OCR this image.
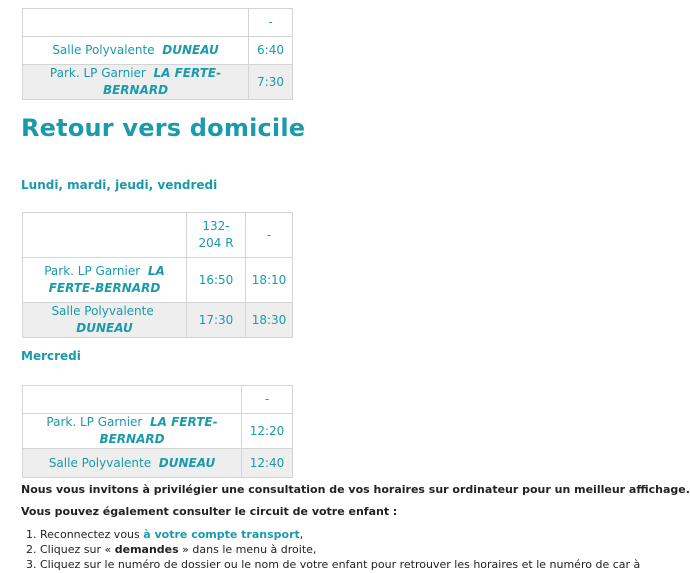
	-
Salle Polyvalente DUNEAU	6:40
Park. LP Garnier LA FERTE-BERNARD	7:30
Retour vers domicile

Lundi, mardi, jeudi, vendredi

	132-204 R	-
Park. LP Garnier LA FERTE-BERNARD	16:50	18:10
Salle Polyvalente  DUNEAU	17:30	18:30

Mercredi

	-
Park. LP Garnier LA FERTE-BERNARD	12:20
Salle Polyvalente DUNEAU	12:40

Nous vous invitons à privilégier une consultation de vos horaires sur ordinateur pour un meilleur affichage.

Vous pouvez également consulter le circuit de votre enfant :

1. Reconnectez vous à votre compte transport,
2. Cliquez sur « demandes » dans le menu à droite,
3. Cliquez sur le numéro de dossier ou le nom de votre enfant pour retrouver les horaires et le numéro de car à
